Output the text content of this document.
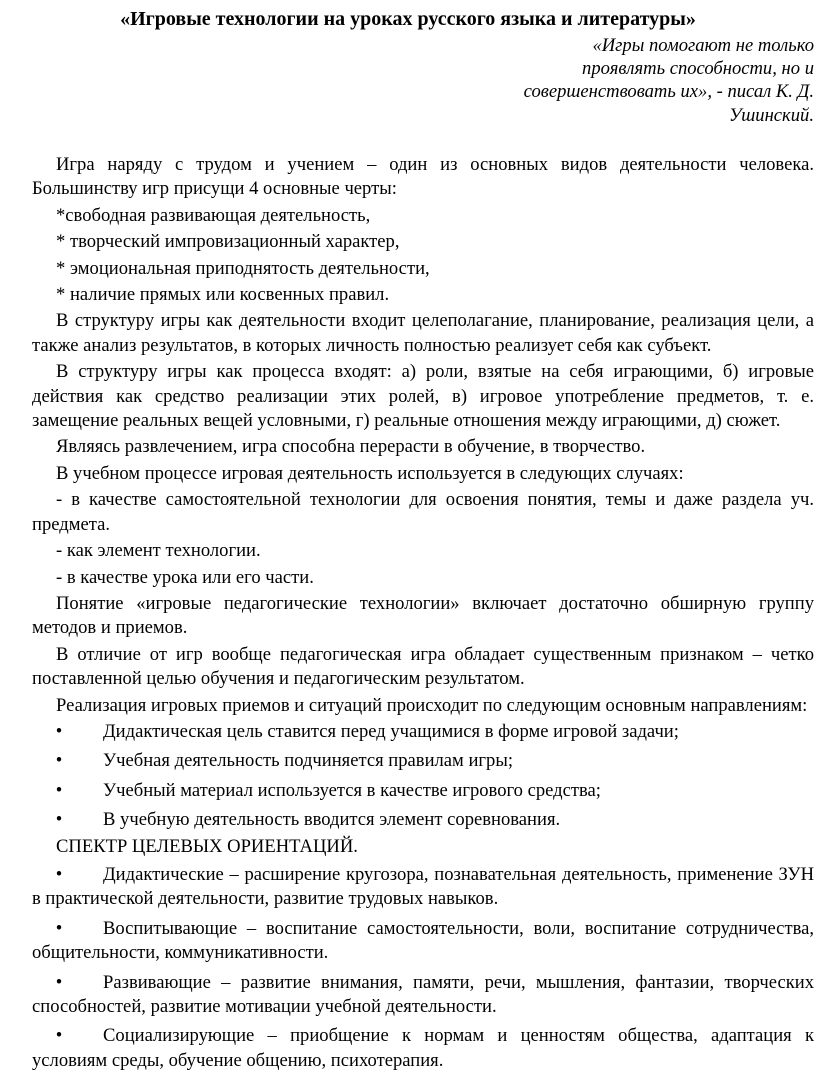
«Игровые технологии на уроках русского языка и литературы»
«Игры помогают не только
проявлять способности, но и
совершенствовать их», - писал К. Д.
Ушинский.
Игра наряду с трудом и учением – один из основных видов деятельности человека. Большинству игр присущи 4 основные черты:
*свободная развивающая деятельность,
* творческий импровизационный характер,
* эмоциональная приподнятость деятельности,
* наличие прямых или косвенных правил.
В структуру игры как деятельности входит целеполагание, планирование, реализация цели, а также анализ результатов, в которых личность полностью реализует себя как субъект.
В структуру игры как процесса входят: а) роли, взятые на себя играющими, б) игровые действия как средство реализации этих ролей, в) игровое употребление предметов, т. е. замещение реальных вещей условными, г) реальные отношения между играющими, д) сюжет.
Являясь развлечением, игра способна перерасти в обучение, в творчество.
В учебном процессе игровая деятельность используется в следующих случаях:
- в качестве самостоятельной технологии для освоения понятия, темы и даже раздела уч. предмета.
- как элемент технологии.
- в качестве урока или его части.
Понятие «игровые педагогические технологии» включает достаточно обширную группу методов и приемов.
В отличие от игр вообще педагогическая игра обладает существенным признаком – четко поставленной целью обучения и педагогическим результатом.
Реализация игровых приемов и ситуаций происходит по следующим основным направлениям:
• Дидактическая цель ставится перед учащимися в форме игровой задачи;
• Учебная деятельность подчиняется правилам игры;
• Учебный материал используется в качестве игрового средства;
• В учебную деятельность вводится элемент соревнования.
СПЕКТР ЦЕЛЕВЫХ ОРИЕНТАЦИЙ.
• Дидактические – расширение кругозора, познавательная деятельность, применение ЗУН в практической деятельности, развитие трудовых навыков.
• Воспитывающие – воспитание самостоятельности, воли, воспитание сотрудничества, общительности, коммуникативности.
• Развивающие – развитие внимания, памяти, речи, мышления, фантазии, творческих способностей, развитие мотивации учебной деятельности.
• Социализирующие – приобщение к нормам и ценностям общества, адаптация к условиям среды, обучение общению, психотерапия.
